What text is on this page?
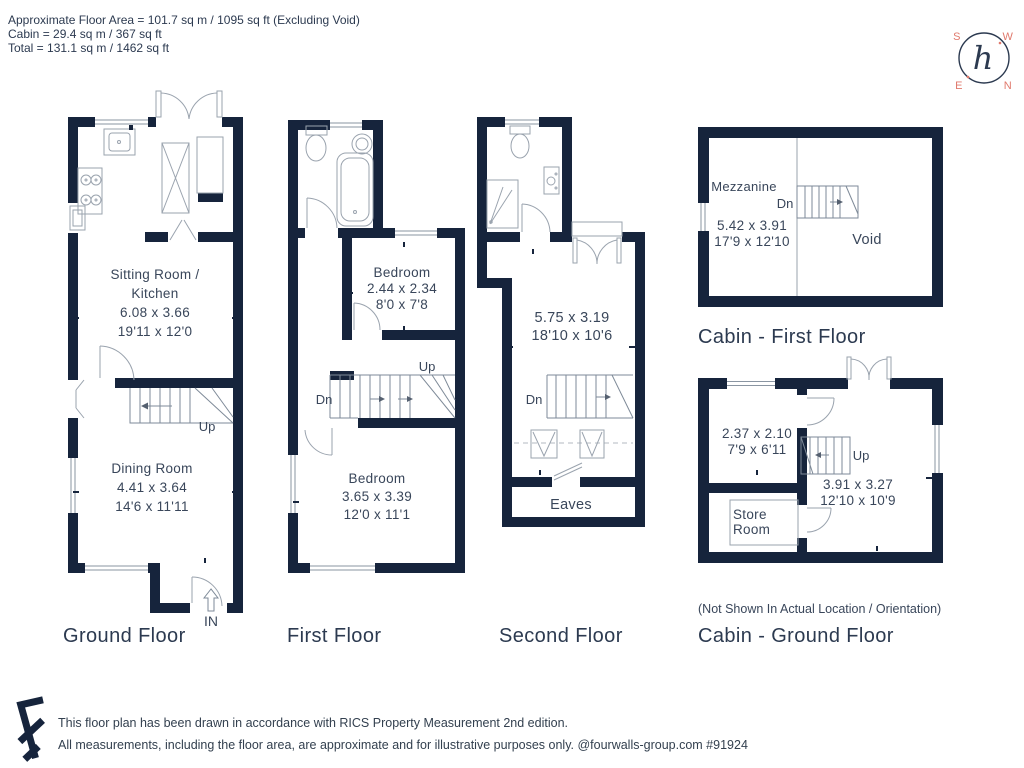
Approximate Floor Area = 101.7 sq m / 1095 sq ft (Excluding Void)
Cabin = 29.4 sq m / 367 sq ft
Total = 131.1 sq m / 1462 sq ft	h
S	W
E	N
Up
IN
Sitting Room /
Kitchen
6.08 x 3.66
19'11 x 12'0
Dining Room
4.41 x 3.64
14'6 x 11'11
Ground Floor
Up
Dn
Bedroom
2.44 x 2.34
8'0 x 7'8
Bedroom
3.65 x 3.39
12'0 x 11'1
First Floor
Dn
5.75 x 3.19
18'10 x 10'6
Eaves
Second Floor
Mezzanine
Dn
5.42 x 3.91
17'9 x 12'10	Void
Cabin - First Floor
2.37 x 2.10
7'9 x 6'11	Up
3.91 x 3.27
12'10 x 10'9
Store
Room
(Not Shown In Actual Location / Orientation)
Cabin - Ground Floor
This floor plan has been drawn in accordance with RICS Property Measurement 2nd edition.
All measurements, including the floor area, are approximate and for illustrative purposes only. @fourwalls-group.com #91924
